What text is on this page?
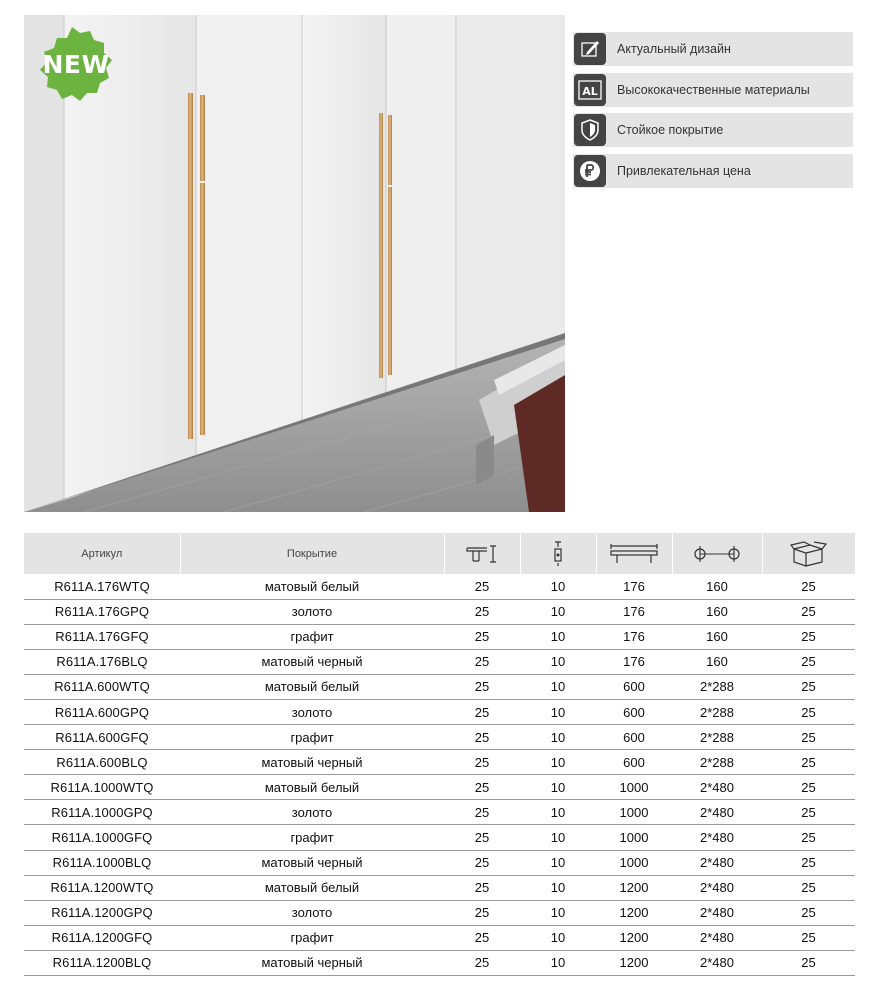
NEW
Актуальный дизайн
AL	Высококачественные материалы
Стойкое покрытие
Привлекательная цена
Артикул	Покрытие	

R611A.176WTQ	матовый белый	25	10	176	160	25
R611A.176GPQ	золото	25	10	176	160	25
R611A.176GFQ	графит	25	10	176	160	25
R611A.176BLQ	матовый черный	25	10	176	160	25
R611A.600WTQ	матовый белый	25	10	600	2*288	25
R611A.600GPQ	золото	25	10	600	2*288	25
R611A.600GFQ	графит	25	10	600	2*288	25
R611A.600BLQ	матовый черный	25	10	600	2*288	25
R611A.1000WTQ	матовый белый	25	10	1000	2*480	25
R611A.1000GPQ	золото	25	10	1000	2*480	25
R611A.1000GFQ	графит	25	10	1000	2*480	25
R611A.1000BLQ	матовый черный	25	10	1000	2*480	25
R611A.1200WTQ	матовый белый	25	10	1200	2*480	25
R611A.1200GPQ	золото	25	10	1200	2*480	25
R611A.1200GFQ	графит	25	10	1200	2*480	25
R611A.1200BLQ	матовый черный	25	10	1200	2*480	25
